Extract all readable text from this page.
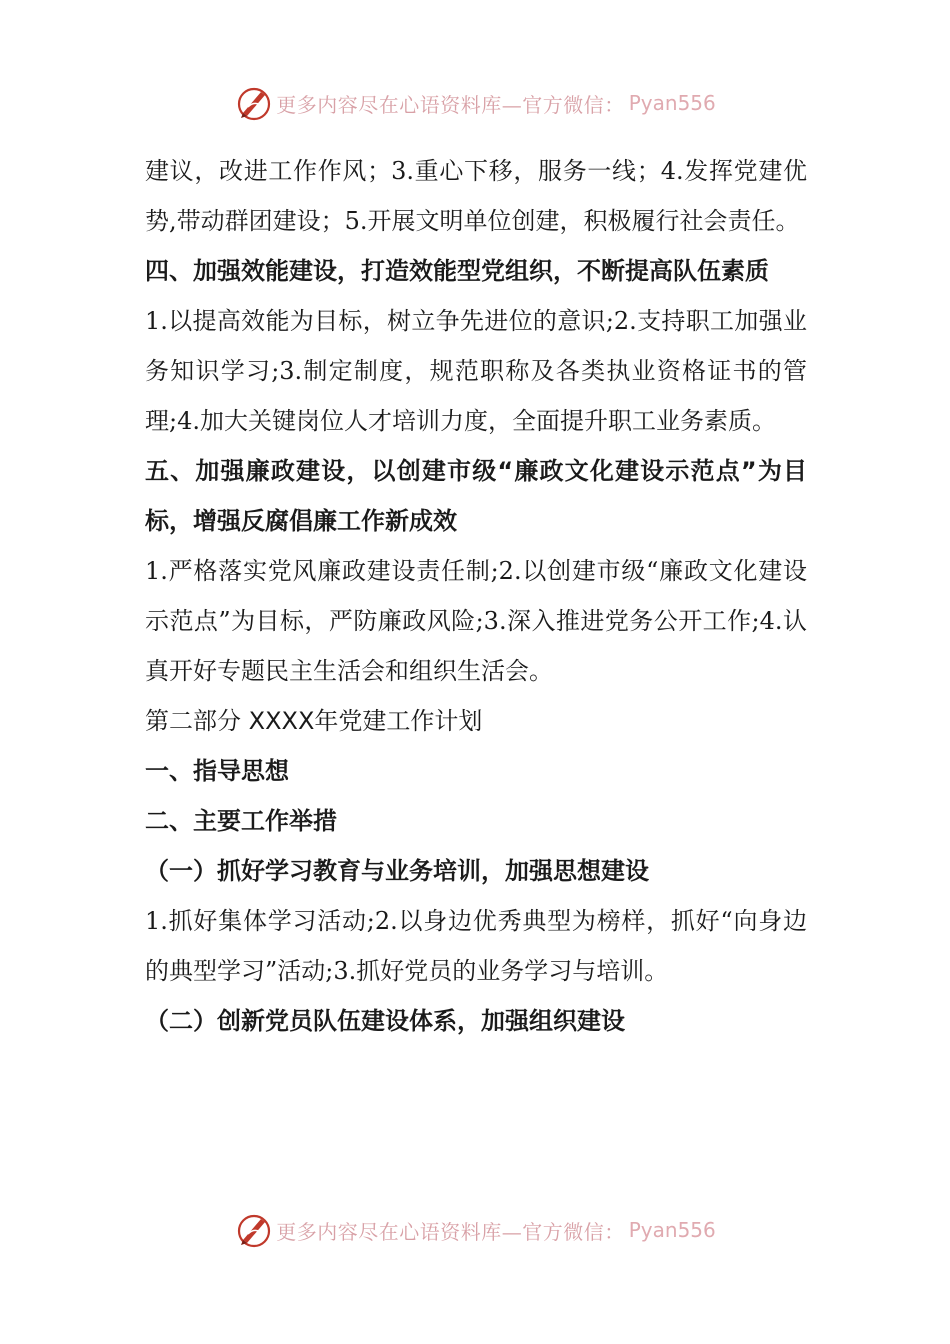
更多内容尽在心语资料库—官方微信： Pyan556

建议，改进工作作风；3.重心下移，服务一线；4.发挥党建优势,带动群团建设；5.开展文明单位创建，积极履行社会责任。

四、加强效能建设，打造效能型党组织，不断提高队伍素质

1.以提高效能为目标，树立争先进位的意识;2.支持职工加强业务知识学习;3.制定制度，规范职称及各类执业资格证书的管理;4.加大关键岗位人才培训力度，全面提升职工业务素质。

五、加强廉政建设，以创建市级“廉政文化建设示范点”为目标，增强反腐倡廉工作新成效

1.严格落实党风廉政建设责任制;2.以创建市级“廉政文化建设示范点”为目标，严防廉政风险;3.深入推进党务公开工作;4.认真开好专题民主生活会和组织生活会。

第二部分 XXXX年党建工作计划

一、指导思想

二、主要工作举措

（一）抓好学习教育与业务培训，加强思想建设

1.抓好集体学习活动;2.以身边优秀典型为榜样，抓好“向身边的典型学习”活动;3.抓好党员的业务学习与培训。

（二）创新党员队伍建设体系，加强组织建设

更多内容尽在心语资料库—官方微信： Pyan556
